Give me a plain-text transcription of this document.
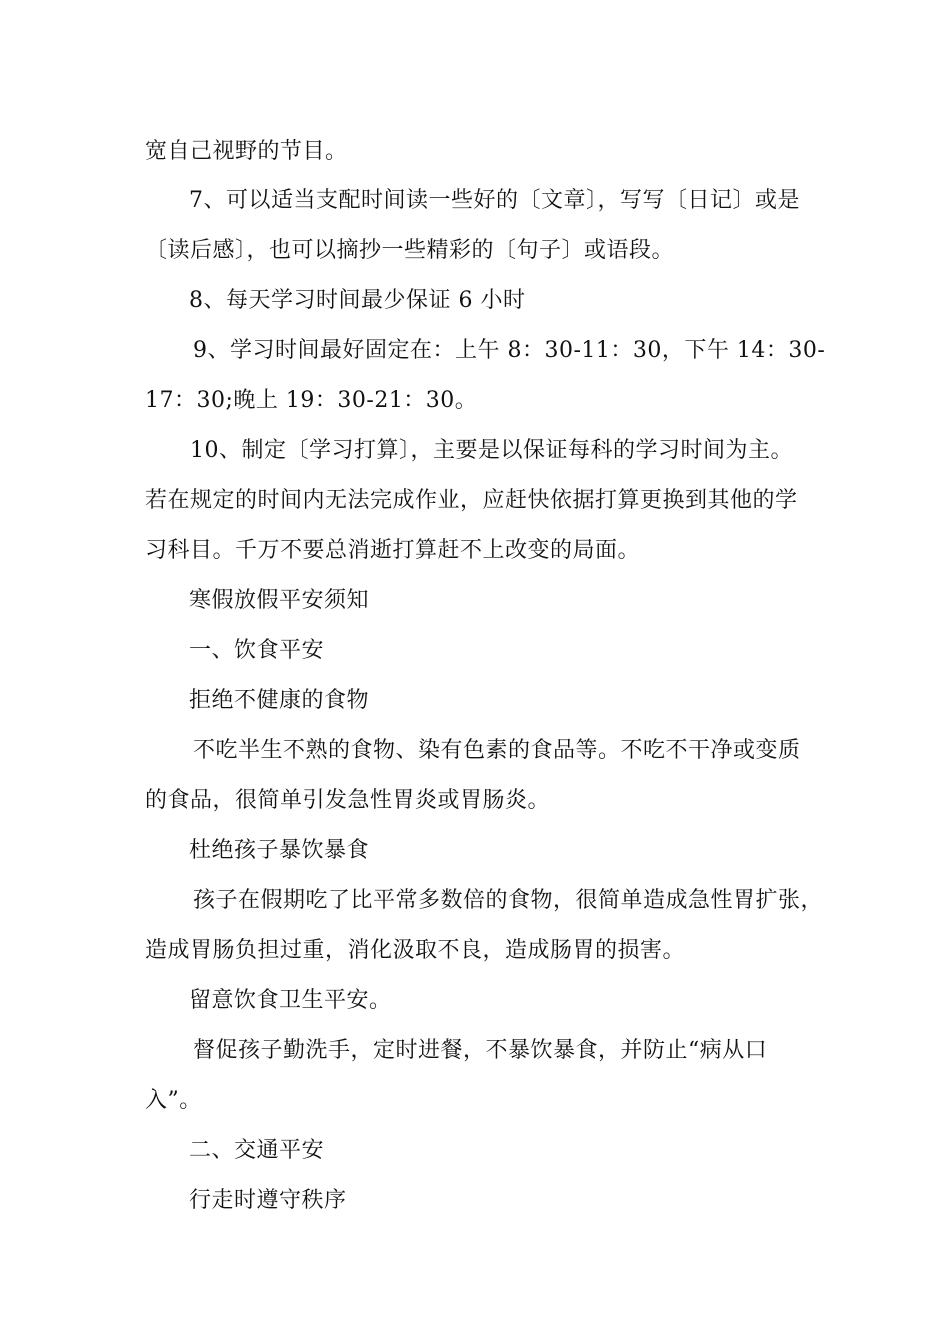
宽自己视野的节目。
7、可以适当支配时间读一些好的〔文章〕，写写〔日记〕或是
〔读后感〕，也可以摘抄一些精彩的〔句子〕或语段。
8、每天学习时间最少保证 6 小时
9、学习时间最好固定在：上午 8：30-11：30，下午 14：30-
17：30;晚上 19：30-21：30。
10、制定〔学习打算〕，主要是以保证每科的学习时间为主。
若在规定的时间内无法完成作业，应赶快依据打算更换到其他的学
习科目。千万不要总消逝打算赶不上改变的局面。
寒假放假平安须知
一、饮食平安
拒绝不健康的食物
不吃半生不熟的食物、染有色素的食品等。不吃不干净或变质
的食品，很简单引发急性胃炎或胃肠炎。
杜绝孩子暴饮暴食
孩子在假期吃了比平常多数倍的食物，很简单造成急性胃扩张，
造成胃肠负担过重，消化汲取不良，造成肠胃的损害。
留意饮食卫生平安。
督促孩子勤洗手，定时进餐，不暴饮暴食，并防止“病从口
入”。
二、交通平安
行走时遵守秩序
